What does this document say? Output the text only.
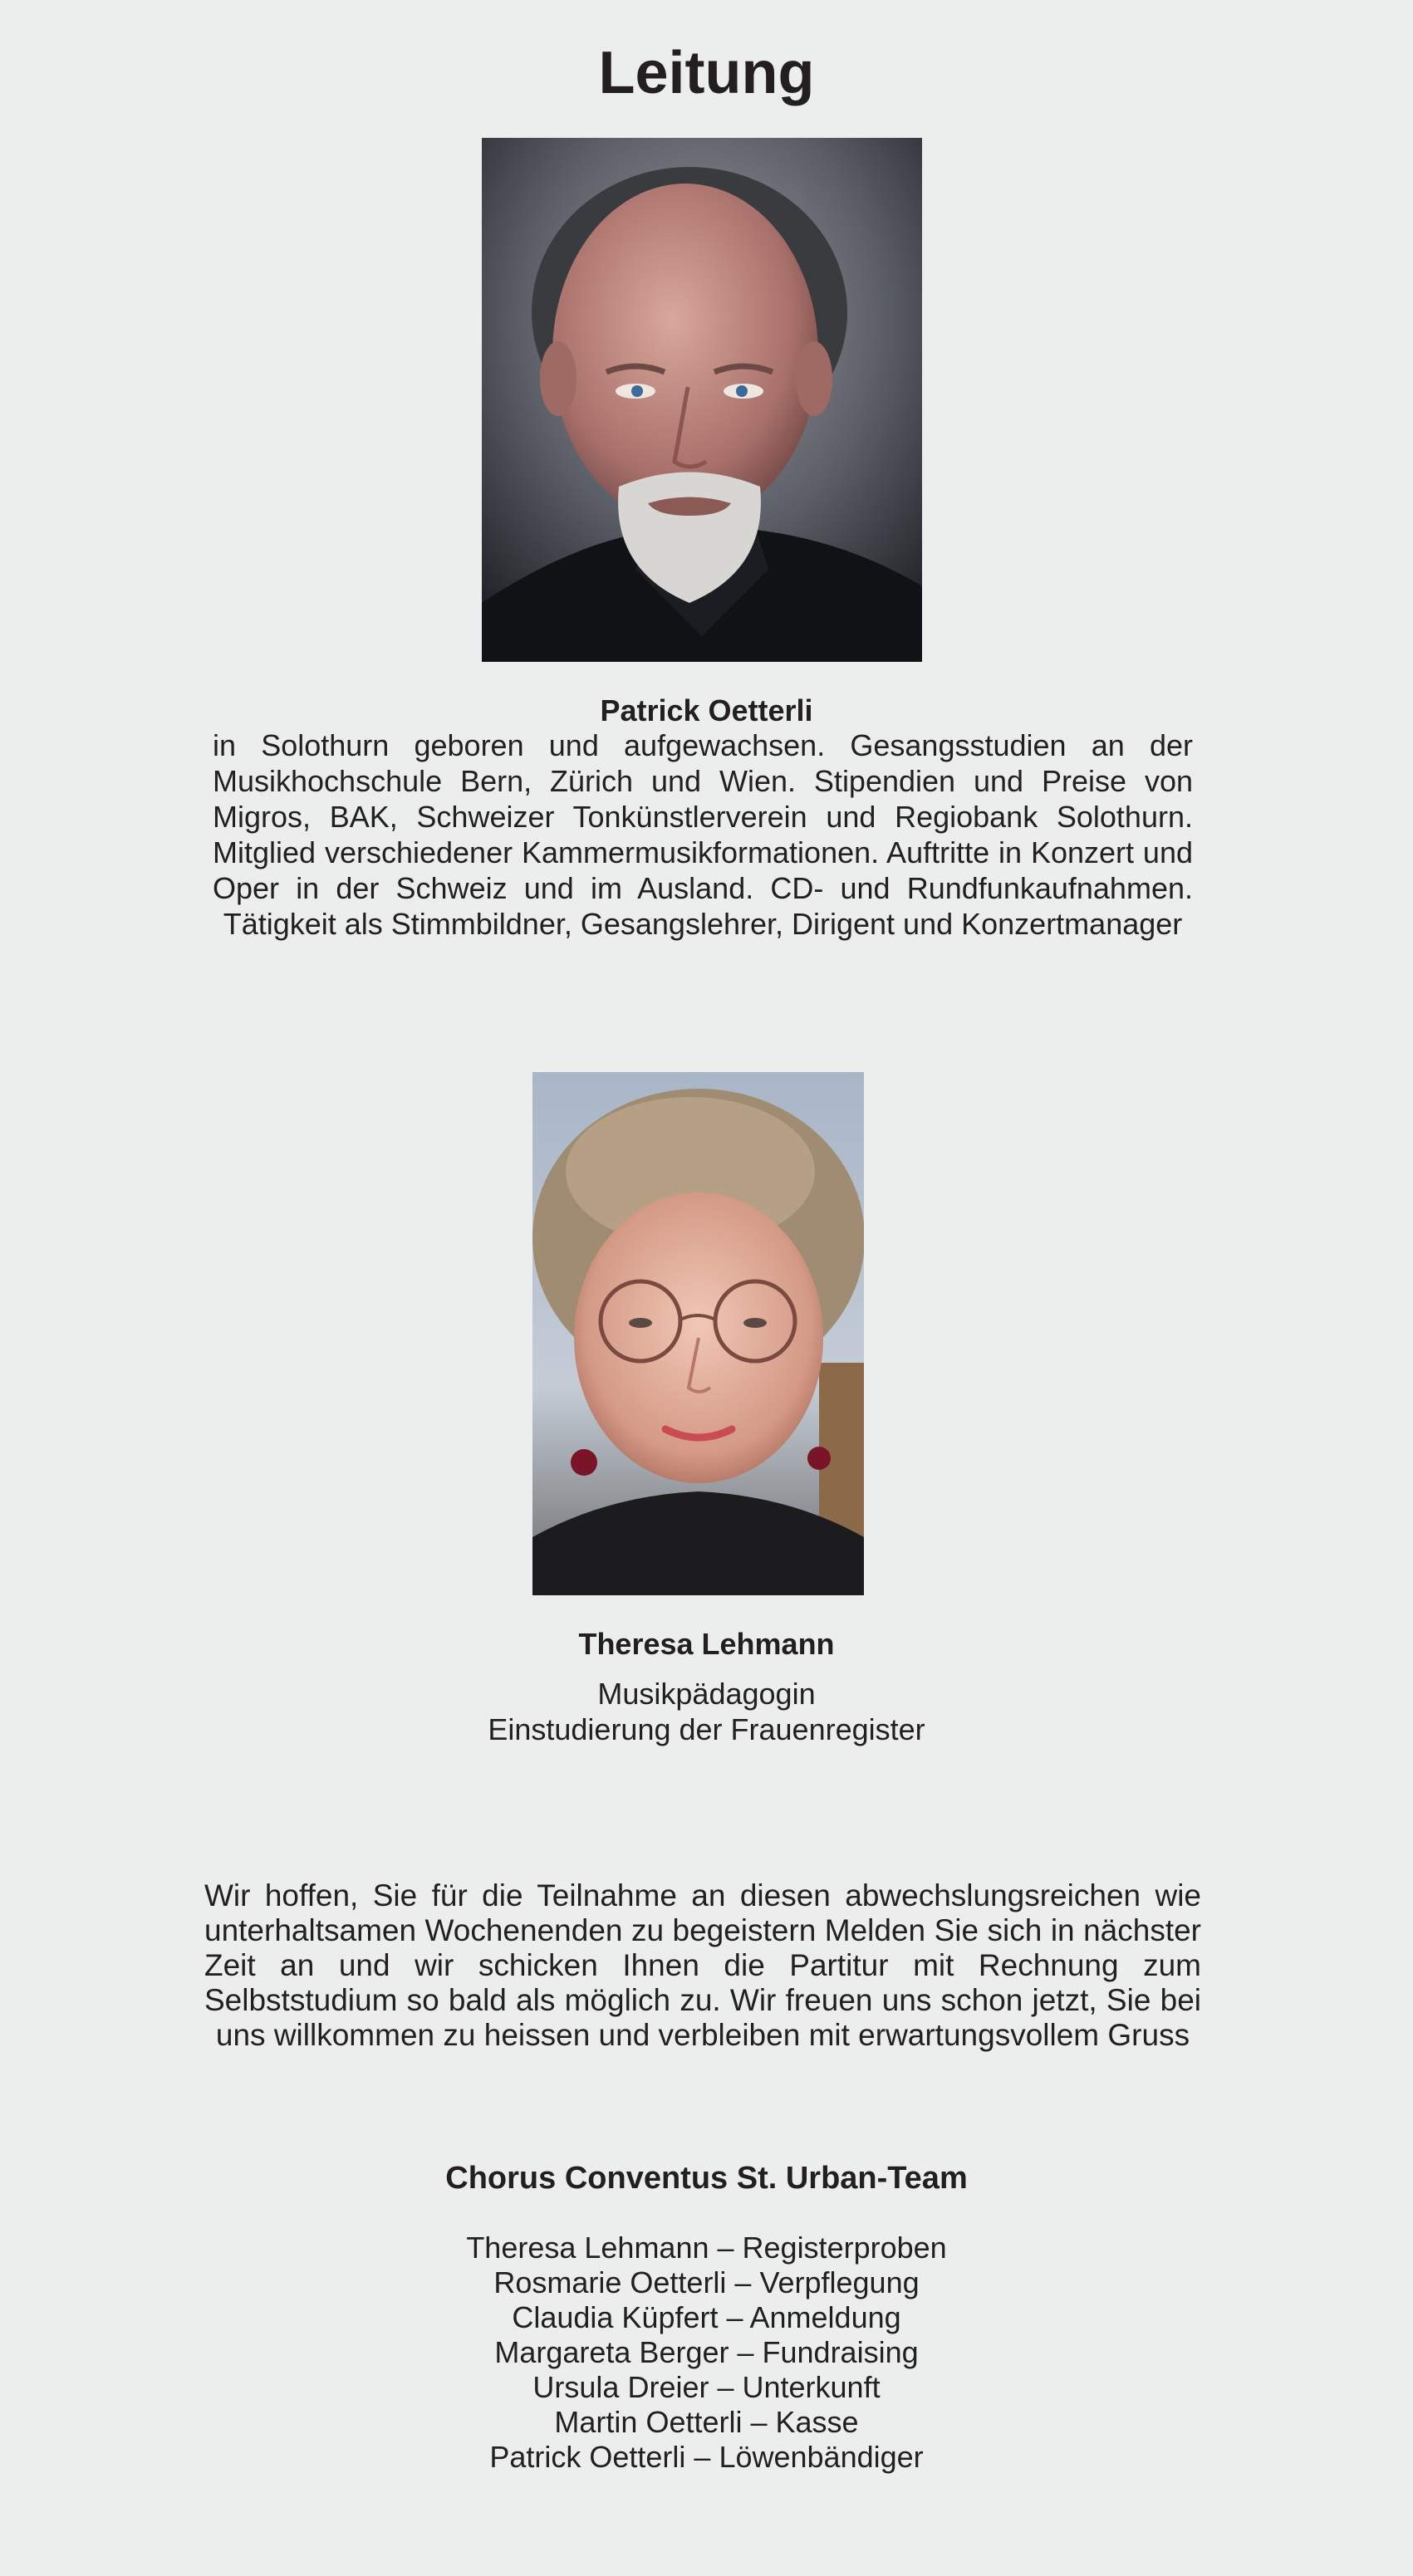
Leitung
Patrick Oetterli

in Solothurn geboren und aufgewachsen. Gesangsstudien an der Musikhochschule Bern, Zürich und Wien. Stipendien und Preise von Migros, BAK, Schweizer Tonkünstlerverein und Regiobank Solothurn. Mitglied verschiedener Kammermusikformationen. Auftritte in Konzert und Oper in der Schweiz und im Ausland. CD- und Rundfunkaufnahmen. Tätigkeit als Stimmbildner, Gesangslehrer, Dirigent und Konzertmanager

Theresa Lehmann
Musikpädagogin
Einstudierung der Frauenregister

Wir hoffen, Sie für die Teilnahme an diesen abwechslungsreichen wie unterhaltsamen Wochenenden zu begeistern Melden Sie sich in nächster Zeit an und wir schicken Ihnen die Partitur mit Rechnung zum Selbststudium so bald als möglich zu. Wir freuen uns schon jetzt, Sie bei uns willkommen zu heissen und verbleiben mit erwartungsvollem Gruss

Chorus Conventus St. Urban-Team
Theresa Lehmann – Registerproben
Rosmarie Oetterli – Verpflegung
Claudia Küpfert – Anmeldung
Margareta Berger – Fundraising
Ursula Dreier – Unterkunft
Martin Oetterli – Kasse
Patrick Oetterli – Löwenbändiger
